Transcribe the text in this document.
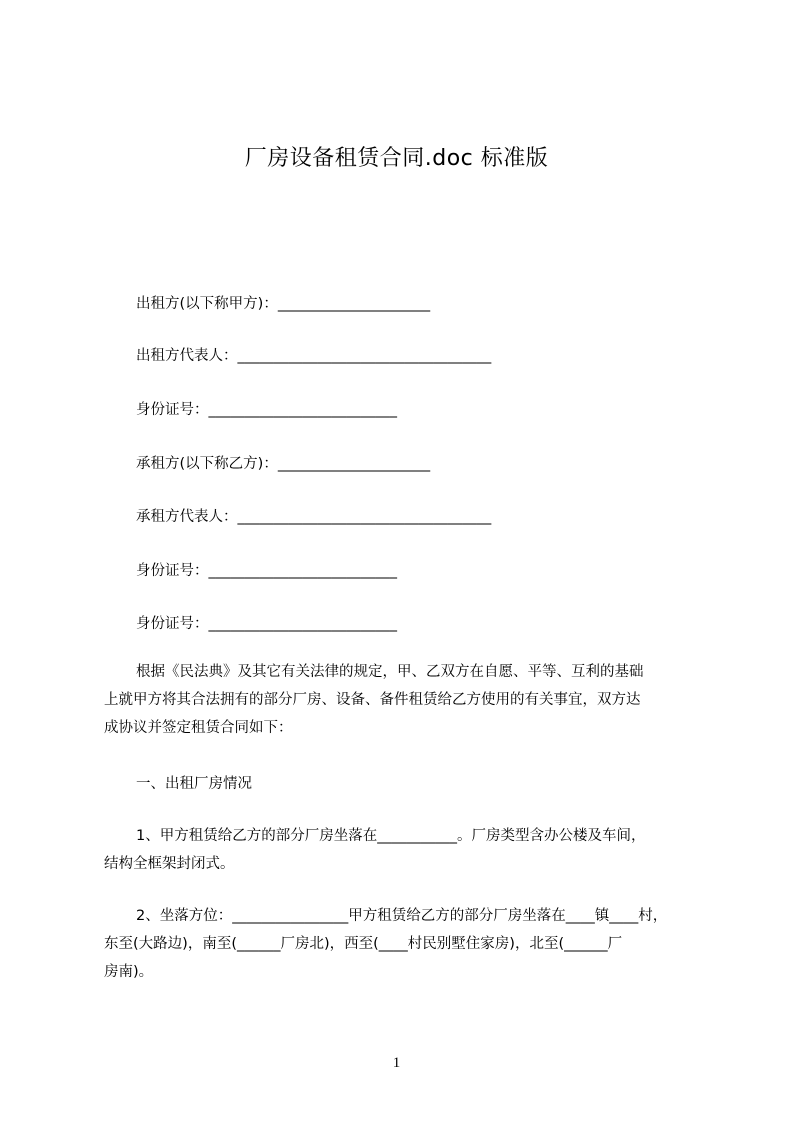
厂房设备租赁合同.doc 标准版
出租方(以下称甲方)：_____________________
出租方代表人：___________________________________
身份证号：__________________________
承租方(以下称乙方)：_____________________
承租方代表人：___________________________________
身份证号：__________________________
身份证号：__________________________
根据《民法典》及其它有关法律的规定，甲、乙双方在自愿、平等、互利的基础
上就甲方将其合法拥有的部分厂房、设备、备件租赁给乙方使用的有关事宜，双方达
成协议并签定租赁合同如下：
一、出租厂房情况
1、甲方租赁给乙方的部分厂房坐落在___________。厂房类型含办公楼及车间，
结构全框架封闭式。
2、坐落方位：________________甲方租赁给乙方的部分厂房坐落在____镇____村，
东至(大路边)，南至(______厂房北)，西至(____村民别墅住家房)，北至(______厂
房南)。
1
